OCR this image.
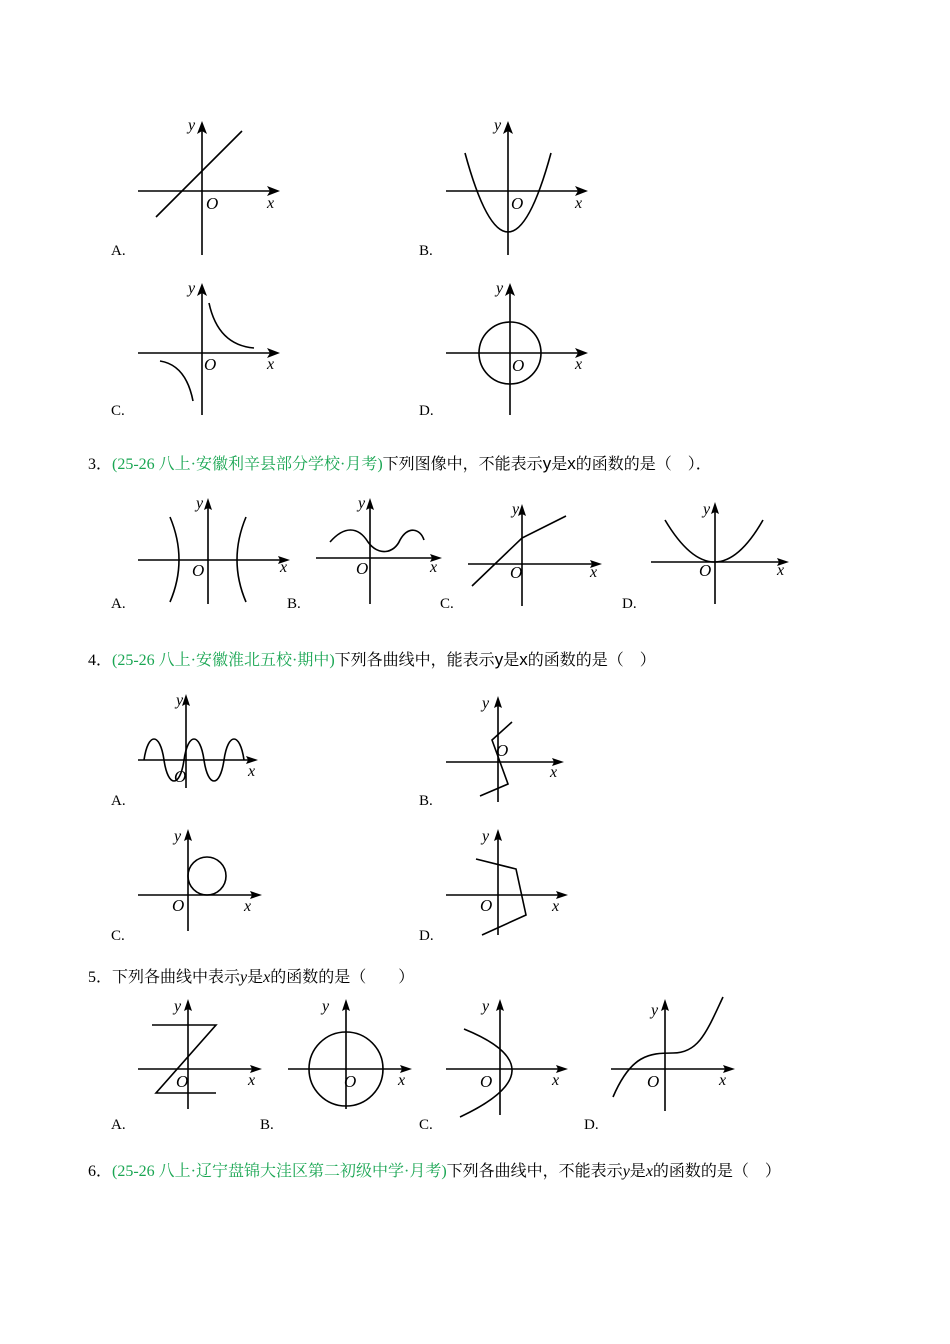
y
x
O
A.
y
x
O
B.
y
x
O
C.
y
x
O
D.
3．(25-26 八上·安徽利辛县部分学校·月考)下列图像中，不能表示y是x的函数的是（　）．
y
x
O
A.
y
x
O
B.
y
x
O
C.
y
x
O
D.
4．(25-26 八上·安徽淮北五校·期中)下列各曲线中，能表示y是x的函数的是（　）
y
x
O
A.
y
x
O
B.
y
x
O
C.
y
x
O
D.
5．下列各曲线中表示y是x的函数的是（　　）
y
x
O
A.
y
x
O
B.
y
x
O
C.
y
x
O
D.
6．(25-26 八上·辽宁盘锦大洼区第二初级中学·月考)下列各曲线中，不能表示y是x的函数的是（　）
